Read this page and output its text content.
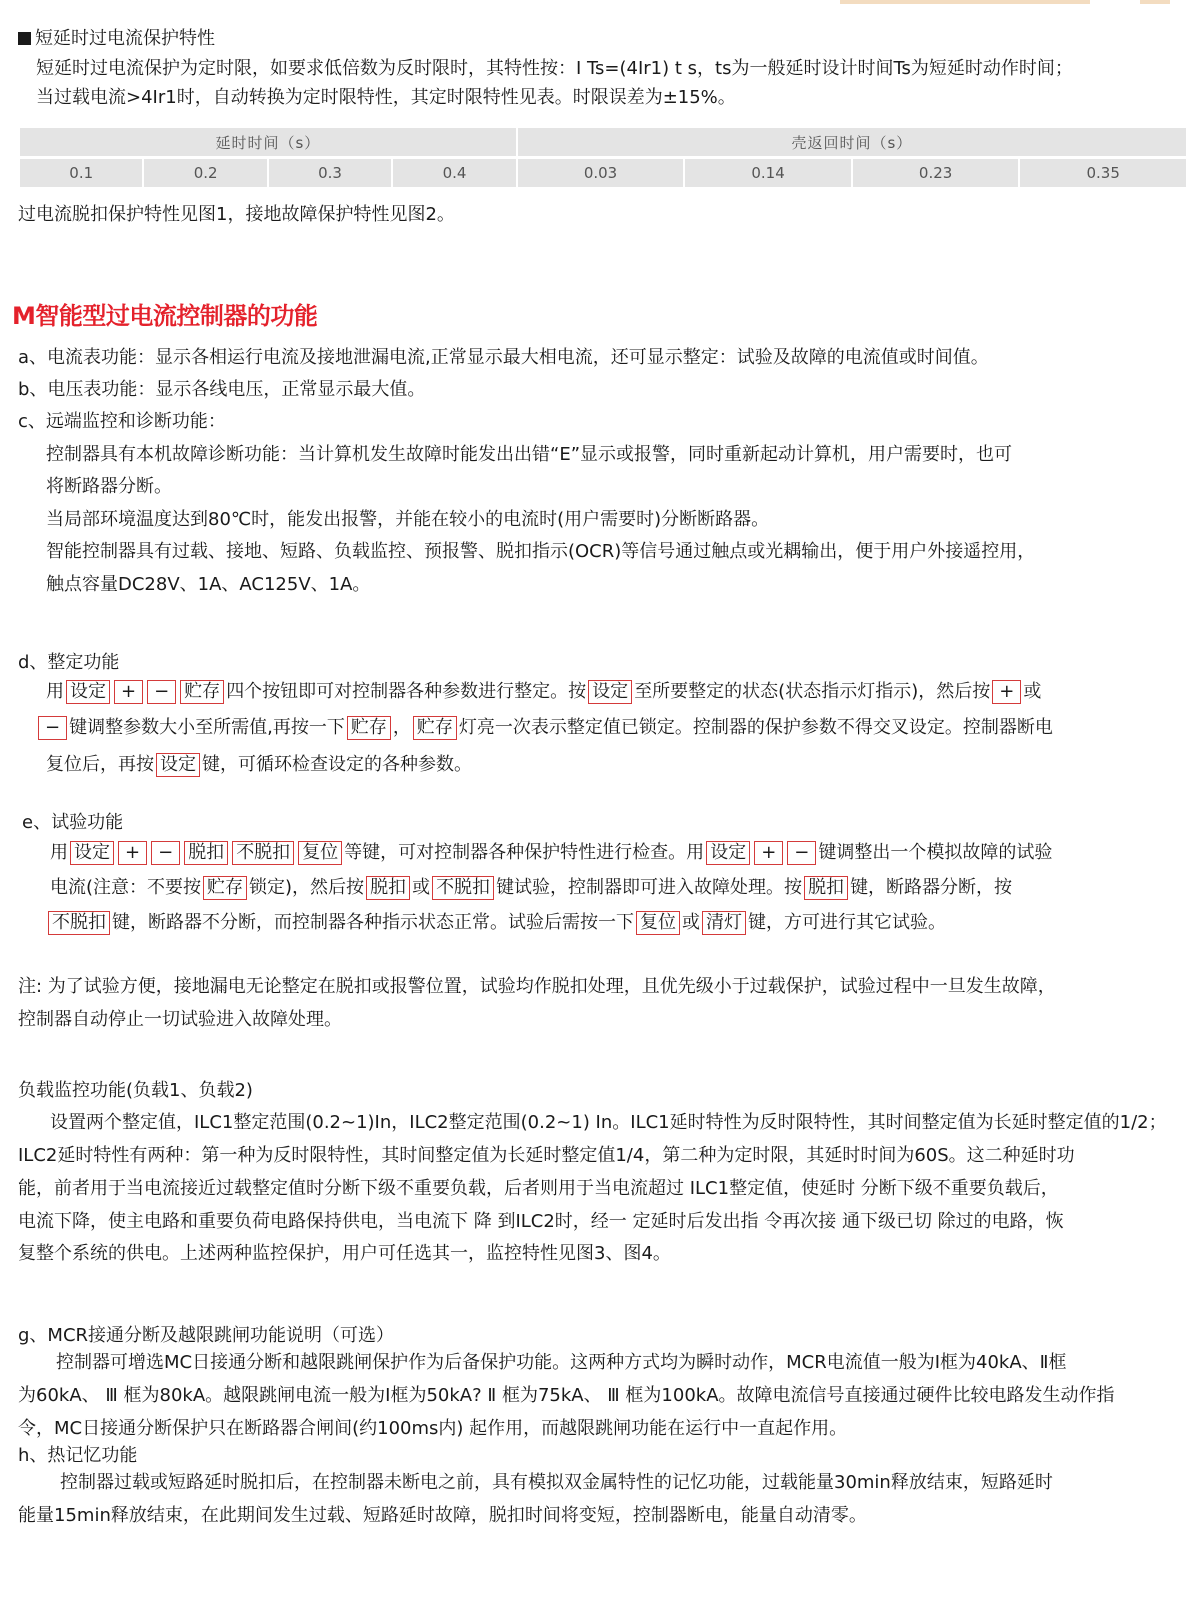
短延时过电流保护特性
短延时过电流保护为定时限，如要求低倍数为反时限时，其特性按：I Ts=(4Ir1) t s，ts为一般延时设计时间Ts为短延时动作时间；
当过载电流>4Ir1时，自动转换为定时限特性，其定时限特性见表。时限误差为±15%。
延时时间（s）				壳返回时间（s）			
0.1	0.2	0.3	0.4	0.03	0.14	0.23	0.35
过电流脱扣保护特性见图1，接地故障保护特性见图2。
M智能型过电流控制器的功能
a、电流表功能：显示各相运行电流及接地泄漏电流,正常显示最大相电流，还可显示整定：试验及故障的电流值或时间值。
b、电压表功能：显示各线电压，正常显示最大值。
c、远端监控和诊断功能：
控制器具有本机故障诊断功能：当计算机发生故障时能发出出错“E”显示或报警，同时重新起动计算机，用户需要时，也可
将断路器分断。
当局部环境温度达到80℃时，能发出报警，并能在较小的电流时(用户需要时)分断断路器。
智能控制器具有过载、接地、短路、负载监控、预报警、脱扣指示(OCR)等信号通过触点或光耦输出，便于用户外接遥控用，
触点容量DC28V、1A、AC125V、1A。
d、整定功能
用 设定 + − 贮存 四个按钮即可对控制器各种参数进行整定。按 设定 至所要整定的状态(状态指示灯指示)，然后按 + 或
− 键调整参数大小至所需值,再按一下 贮存 ， 贮存 灯亮一次表示整定值已锁定。控制器的保护参数不得交叉设定。控制器断电
复位后，再按 设定 键，可循环检查设定的各种参数。
e、试验功能
用 设定 + − 脱扣 不脱扣 复位 等键，可对控制器各种保护特性进行检查。用 设定 + − 键调整出一个模拟故障的试验
电流(注意：不要按 贮存 锁定)，然后按 脱扣 或 不脱扣 键试验，控制器即可进入故障处理。按 脱扣 键，断路器分断，按
不脱扣 键，断路器不分断，而控制器各种指示状态正常。试验后需按一下 复位 或 清灯 键，方可进行其它试验。
注: 为了试验方便，接地漏电无论整定在脱扣或报警位置，试验均作脱扣处理，且优先级小于过载保护，试验过程中一旦发生故障，
控制器自动停止一切试验进入故障处理。
负载监控功能(负载1、负载2)
设置两个整定值，ILC1整定范围(0.2~1)In，ILC2整定范围(0.2~1) In。ILC1延时特性为反时限特性，其时间整定值为长延时整定值的1/2；
ILC2延时特性有两种：第一种为反时限特性，其时间整定值为长延时整定值1/4，第二种为定时限，其延时时间为60S。这二种延时功
能，前者用于当电流接近过载整定值时分断下级不重要负载，后者则用于当电流超过 ILC1整定值，使延时 分断下级不重要负载后，
电流下降，使主电路和重要负荷电路保持供电，当电流下 降 到ILC2时，经一 定延时后发出指 令再次接 通下级已切 除过的电路，恢
复整个系统的供电。上述两种监控保护，用户可任选其一，监控特性见图3、图4。
g、MCR接通分断及越限跳闸功能说明（可选）
控制器可增选MC日接通分断和越限跳闸保护作为后备保护功能。这两种方式均为瞬时动作，MCR电流值一般为Ⅰ框为40kA、Ⅱ框
为60kA、 Ⅲ 框为80kA。越限跳闸电流一般为Ⅰ框为50kA? Ⅱ 框为75kA、 Ⅲ 框为100kA。故障电流信号直接通过硬件比较电路发生动作指
令，MC日接通分断保护只在断路器合闸间(约100ms内) 起作用，而越限跳闸功能在运行中一直起作用。
h、热记忆功能
控制器过载或短路延时脱扣后，在控制器未断电之前，具有模拟双金属特性的记忆功能，过载能量30min释放结束，短路延时
能量15min释放结束，在此期间发生过载、短路延时故障，脱扣时间将变短，控制器断电，能量自动清零。
